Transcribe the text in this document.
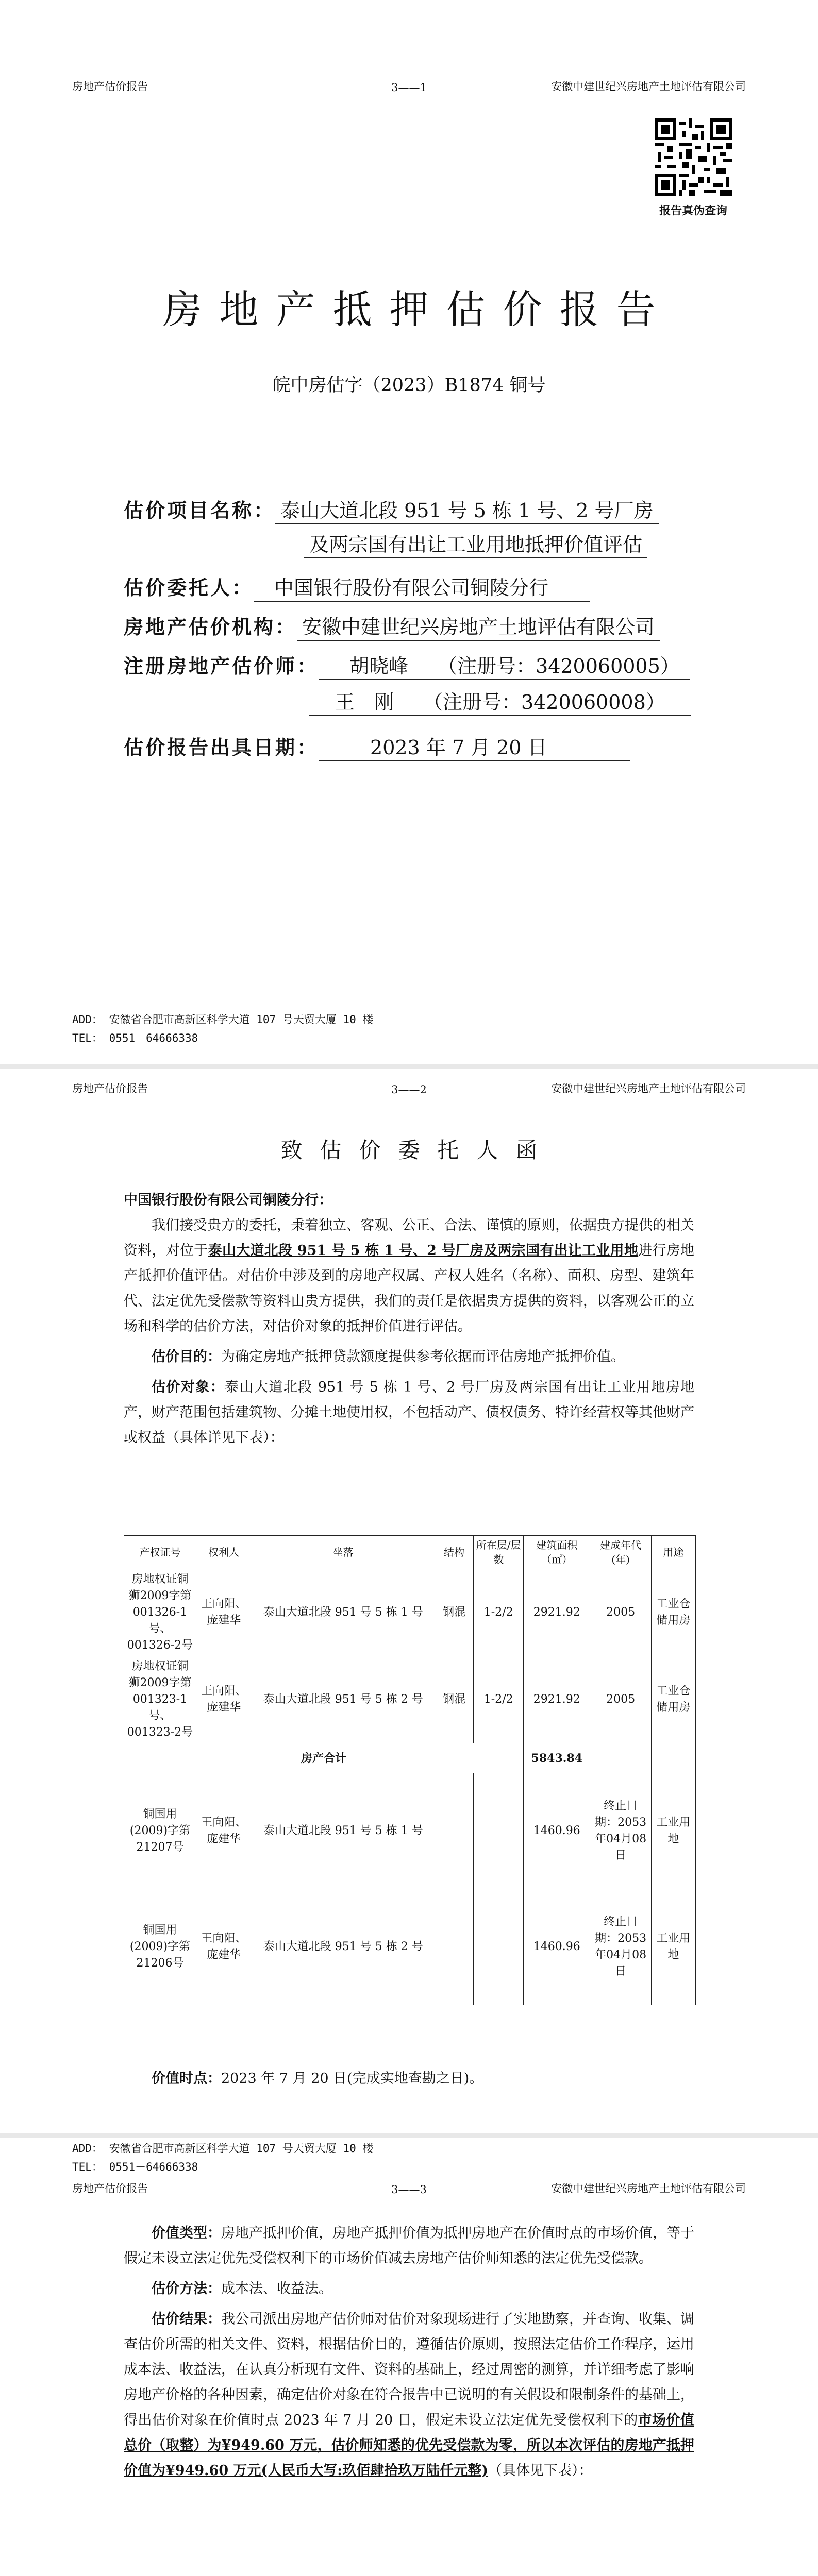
房地产估价报告	3——1	安徽中建世纪兴房地产土地评估有限公司
报告真伪查询
房地产抵押估价报告
皖中房估字（2023）B1874 铜号
估价项目名称： 泰山大道北段 951 号 5 栋 1 号、2 号厂房
及两宗国有出让工业用地抵押价值评估
估价委托人： 中国银行股份有限公司铜陵分行
房地产估价机构： 安徽中建世纪兴房地产土地评估有限公司
注册房地产估价师： 胡晓峰　　（注册号：3420060005）
王　刚　　（注册号：3420060008）
估价报告出具日期：	2023 年 7 月 20 日
ADD： 安徽省合肥市高新区科学大道 107 号天贸大厦 10 楼
TEL： 0551－64666338
房地产估价报告	3——2	安徽中建世纪兴房地产土地评估有限公司
致估价委托人函
中国银行股份有限公司铜陵分行：

我们接受贵方的委托，秉着独立、客观、公正、合法、谨慎的原则，依据贵方提供的相关资料，对位于泰山大道北段 951 号 5 栋 1 号、2 号厂房及两宗国有出让工业用地进行房地产抵押价值评估。对估价中涉及到的房地产权属、产权人姓名（名称）、面积、房型、建筑年代、法定优先受偿款等资料由贵方提供，我们的责任是依据贵方提供的资料，以客观公正的立场和科学的估价方法，对估价对象的抵押价值进行评估。

估价目的：为确定房地产抵押贷款额度提供参考依据而评估房地产抵押价值。

估价对象：泰山大道北段 951 号 5 栋 1 号、2 号厂房及两宗国有出让工业用地房地产，财产范围包括建筑物、分摊土地使用权，不包括动产、债权债务、特许经营权等其他财产或权益（具体详见下表）：

产权证号	权利人	坐落	结构	所在层/层数	建筑面积（㎡）	建成年代(年)	用途
房地权证铜狮2009字第001326-1号、001326-2号	王向阳、庞建华	泰山大道北段 951 号 5 栋 1 号	钢混	1-2/2	2921.92	2005	工业仓储用房
房地权证铜狮2009字第001323-1号、001323-2号	王向阳、庞建华	泰山大道北段 951 号 5 栋 2 号	钢混	1-2/2	2921.92	2005	工业仓储用房
房产合计					5843.84		
铜国用(2009)字第21207号	王向阳、庞建华	泰山大道北段 951 号 5 栋 1 号			1460.96	终止日期：2053年04月08日	工业用地
铜国用(2009)字第21206号	王向阳、庞建华	泰山大道北段 951 号 5 栋 2 号			1460.96	终止日期：2053年04月08日	工业用地

价值时点：2023 年 7 月 20 日(完成实地查勘之日)。

ADD： 安徽省合肥市高新区科学大道 107 号天贸大厦 10 楼
TEL： 0551－64666338
房地产估价报告	3——3	安徽中建世纪兴房地产土地评估有限公司

价值类型：房地产抵押价值，房地产抵押价值为抵押房地产在价值时点的市场价值，等于假定未设立法定优先受偿权利下的市场价值减去房地产估价师知悉的法定优先受偿款。

估价方法：成本法、收益法。

估价结果：我公司派出房地产估价师对估价对象现场进行了实地勘察，并查询、收集、调查估价所需的相关文件、资料，根据估价目的，遵循估价原则，按照法定估价工作程序，运用成本法、收益法，在认真分析现有文件、资料的基础上，经过周密的测算，并详细考虑了影响房地产价格的各种因素，确定估价对象在符合报告中已说明的有关假设和限制条件的基础上，得出估价对象在价值时点 2023 年 7 月 20 日，假定未设立法定优先受偿权利下的市场价值总价（取整）为¥949.60 万元，估价师知悉的优先受偿款为零，所以本次评估的房地产抵押价值为¥949.60 万元(人民币大写:玖佰肆拾玖万陆仟元整)（具体见下表）：
